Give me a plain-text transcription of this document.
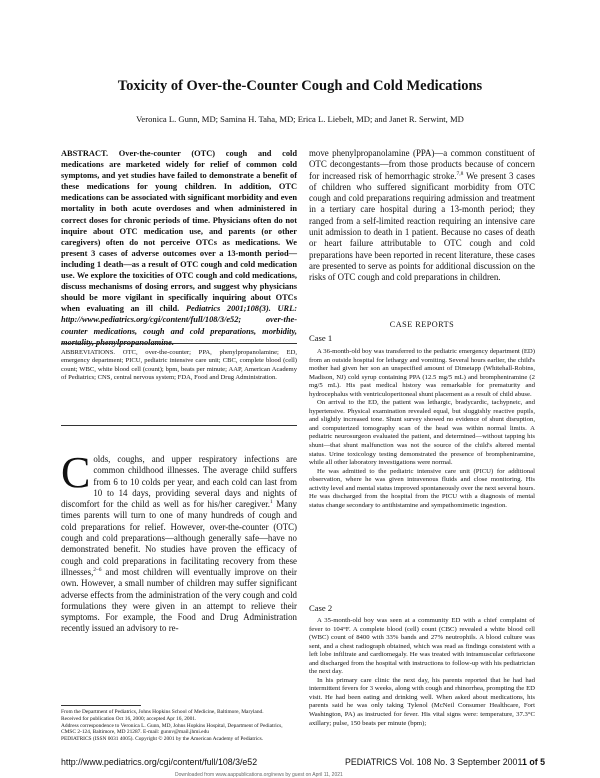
Toxicity of Over-the-Counter Cough and Cold Medications
Veronica L. Gunn, MD; Samina H. Taha, MD; Erica L. Liebelt, MD; and Janet R. Serwint, MD
ABSTRACT. Over-the-counter (OTC) cough and cold medications are marketed widely for relief of common cold symptoms, and yet studies have failed to demonstrate a benefit of these medications for young children. In addition, OTC medications can be associated with significant morbidity and even mortality in both acute overdoses and when administered in correct doses for chronic periods of time. Physicians often do not inquire about OTC medication use, and parents (or other caregivers) often do not perceive OTCs as medications. We present 3 cases of adverse outcomes over a 13-month period—including 1 death—as a result of OTC cough and cold medication use. We explore the toxicities of OTC cough and cold medications, discuss mechanisms of dosing errors, and suggest why physicians should be more vigilant in specifically inquiring about OTCs when evaluating an ill child. Pediatrics 2001;108(3). URL: http://www.pediatrics.org/cgi/content/full/108/3/e52;	over-the-counter medications, cough and cold preparations, morbidity, mortality, phenylpropanolamine.
ABBREVIATIONS. OTC, over-the-counter; PPA, phenylpropanolamine; ED, emergency department; PICU, pediatric intensive care unit; CBC, complete blood (cell) count; WBC, white blood cell (count); bpm, beats per minute; AAP, American Academy of Pediatrics; CNS, central nervous system; FDA, Food and Drug Administration.
Colds, coughs, and upper respiratory infections are common childhood illnesses. The average child suffers from 6 to 10 colds per year, and each cold can last from 10 to 14 days, providing several days and nights of discomfort for the child as well as for his/her caregiver.$^1$ Many times parents will turn to one of many hundreds of cough and cold preparations for relief. However, over-the-counter (OTC) cough and cold preparations—although generally safe—have no demonstrated benefit. No studies have proven the efficacy of cough and cold preparations in facilitating recovery from these illnesses,$^{2-6}$ and most children will eventually improve on their own. However, a small number of children may suffer significant adverse effects from the administration of the very cough and cold formulations they were given in an attempt to relieve their symptoms. For example, the Food and Drug Administration recently issued an advisory to re-
From the Department of Pediatrics, Johns Hopkins School of Medicine, Baltimore, Maryland.
Received for publication Oct 16, 2000; accepted Apr 16, 2001.
Address correspondence to Veronica L. Gunn, MD, Johns Hopkins Hospital, Department of Pediatrics, CMSC 2-124, Baltimore, MD 21287. E-mail: gunnv@mail.jhmi.edu
PEDIATRICS (ISSN 0031 4005). Copyright © 2001 by the American Academy of Pediatrics.
move phenylpropanolamine (PPA)—a common constituent of OTC decongestants—from those products because of concern for increased risk of hemorrhagic stroke.$^{7,8}$ We present 3 cases of children who suffered significant morbidity from OTC cough and cold preparations requiring admission and treatment in a tertiary care hospital during a 13-month period; they ranged from a self-limited reaction requiring an intensive care unit admission to death in 1 patient. Because no cases of death or heart failure attributable to OTC cough and cold preparations have been reported in recent literature, these cases are presented to serve as points for additional discussion on the risks of OTC cough and cold preparations in children.
CASE REPORTS
Case 1

A 36-month-old boy was transferred to the pediatric emergency department (ED) from an outside hospital for lethargy and vomiting. Several hours earlier, the child's mother had given her son an unspecified amount of Dimetapp (Whitehall-Robins, Madison, NJ) cold syrup containing PPA (12.5 mg/5 mL) and brompheniramine (2 mg/5 mL). His past medical history was remarkable for prematurity and hydrocephalus with ventriculoperitoneal shunt placement as a result of child abuse.

On arrival to the ED, the patient was lethargic, bradycardic, tachypneic, and hypertensive. Physical examination revealed equal, but sluggishly reactive pupils, and slightly increased tone. Shunt survey showed no evidence of shunt disruption, and computerized tomography scan of the head was within normal limits. A pediatric neurosurgeon evaluated the patient, and determined—without tapping his shunt—that shunt malfunction was not the source of the child's altered mental status. Urine toxicology testing demonstrated the presence of brompheniramine, while all other laboratory investigations were normal.

He was admitted to the pediatric intensive care unit (PICU) for additional observation, where he was given intravenous fluids and close monitoring. His activity level and mental status improved spontaneously over the next several hours. He was discharged from the hospital from the PICU with a diagnosis of mental status change secondary to antihistamine and sympathomimetic ingestion.

Case 2

A 35-month-old boy was seen at a community ED with a chief complaint of fever to 104°F. A complete blood (cell) count (CBC) revealed a white blood cell (WBC) count of 8400 with 33% bands and 27% neutrophils. A blood culture was sent, and a chest radiograph obtained, which was read as findings consistent with a left lobe infiltrate and cardiomegaly. He was treated with intramuscular ceftriaxone and discharged from the hospital with instructions to follow-up with his pediatrician the next day.

In his primary care clinic the next day, his parents reported that he had had intermittent fevers for 3 weeks, along with cough and rhinorrhea, prompting the ED visit. He had been eating and drinking well. When asked about medications, his parents said he was only taking Tylenol (McNeil Consumer Healthcare, Fort Washington, PA) as instructed for fever. His vital signs were: temperature, 37.3°C axillary; pulse, 150 beats per minute (bpm);

http://www.pediatrics.org/cgi/content/full/108/3/e52	PEDIATRICS Vol. 108 No. 3 September 2001 1 of 5
Downloaded from www.aappublications.org/news by guest on April 11, 2021
